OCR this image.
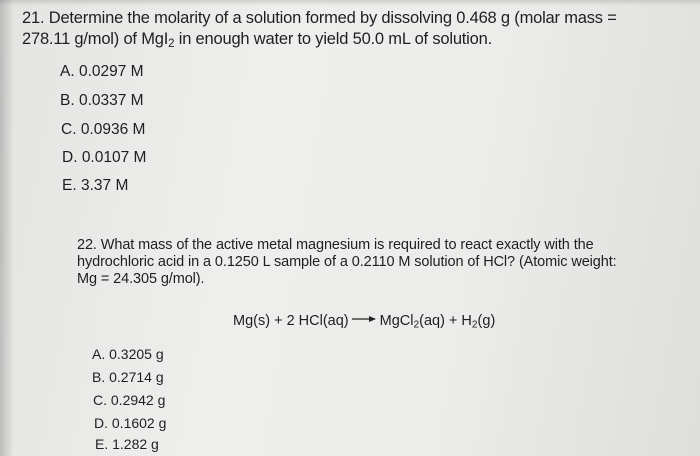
21. Determine the molarity of a solution formed by dissolving 0.468 g (molar mass =
278.11 g/mol) of MgI$_2$ in enough water to yield 50.0 mL of solution.
A. 0.0297 M
B. 0.0337 M
C. 0.0936 M
D. 0.0107 M
E. 3.37 M
22. What mass of the active metal magnesium is required to react exactly with the
hydrochloric acid in a 0.1250 L sample of a 0.2110 M solution of HCl? (Atomic weight:
Mg = 24.305 g/mol).
Mg(s) + 2 HCl(aq) → MgCl$_2$(aq) + $H_2(g)$
A. 0.3205 g
B. 0.2714 g
C. 0.2942 g
D. 0.1602 g
E. 1.282 g
